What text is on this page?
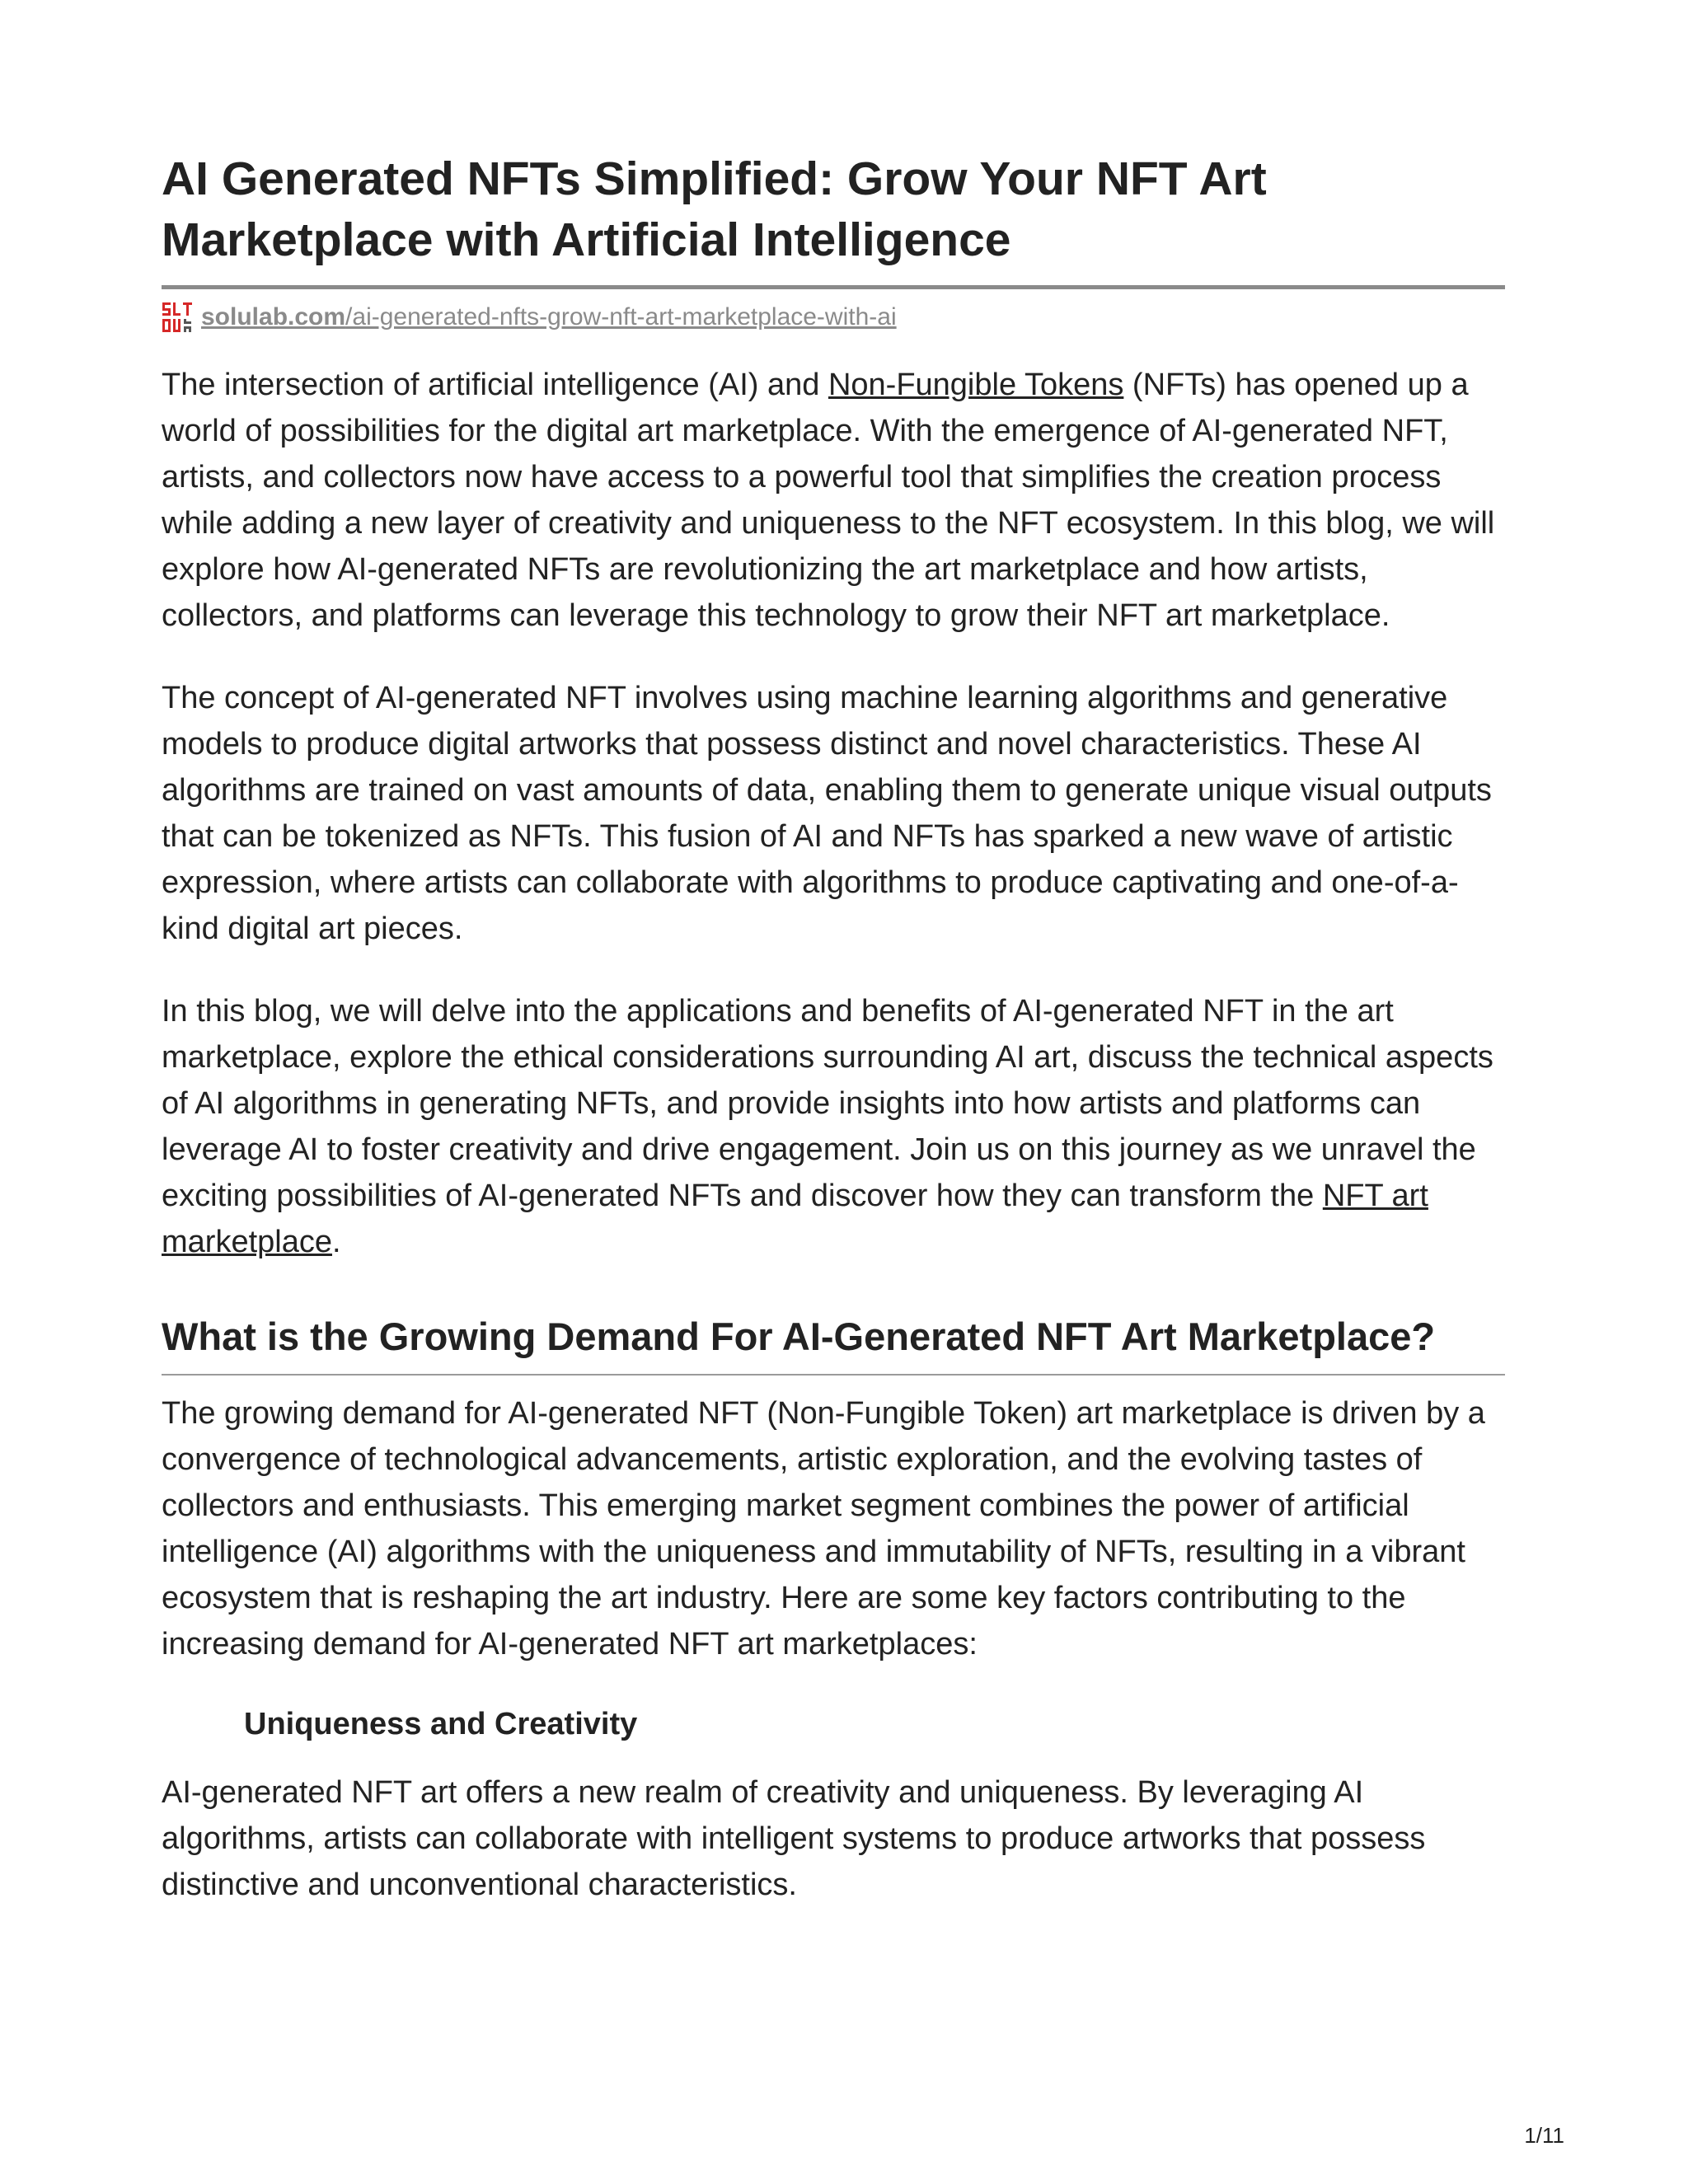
AI Generated NFTs Simplified: Grow Your NFT Art Marketplace with Artificial Intelligence
solulab.com/ai-generated-nfts-grow-nft-art-marketplace-with-ai

The intersection of artificial intelligence (AI) and Non-Fungible Tokens (NFTs) has opened up a world of possibilities for the digital art marketplace. With the emergence of AI-generated NFT, artists, and collectors now have access to a powerful tool that simplifies the creation process while adding a new layer of creativity and uniqueness to the NFT ecosystem. In this blog, we will explore how AI-generated NFTs are revolutionizing the art marketplace and how artists, collectors, and platforms can leverage this technology to grow their NFT art marketplace.

The concept of AI-generated NFT involves using machine learning algorithms and generative models to produce digital artworks that possess distinct and novel characteristics. These AI algorithms are trained on vast amounts of data, enabling them to generate unique visual outputs that can be tokenized as NFTs. This fusion of AI and NFTs has sparked a new wave of artistic expression, where artists can collaborate with algorithms to produce captivating and one-of-a-kind digital art pieces.

In this blog, we will delve into the applications and benefits of AI-generated NFT in the art marketplace, explore the ethical considerations surrounding AI art, discuss the technical aspects of AI algorithms in generating NFTs, and provide insights into how artists and platforms can leverage AI to foster creativity and drive engagement. Join us on this journey as we unravel the exciting possibilities of AI-generated NFTs and discover how they can transform the NFT art marketplace.

What is the Growing Demand For AI-Generated NFT Art Marketplace?

The growing demand for AI-generated NFT (Non-Fungible Token) art marketplace is driven by a convergence of technological advancements, artistic exploration, and the evolving tastes of collectors and enthusiasts. This emerging market segment combines the power of artificial intelligence (AI) algorithms with the uniqueness and immutability of NFTs, resulting in a vibrant ecosystem that is reshaping the art industry. Here are some key factors contributing to the increasing demand for AI-generated NFT art marketplaces:

Uniqueness and Creativity

AI-generated NFT art offers a new realm of creativity and uniqueness. By leveraging AI algorithms, artists can collaborate with intelligent systems to produce artworks that possess distinctive and unconventional characteristics.

1/11
